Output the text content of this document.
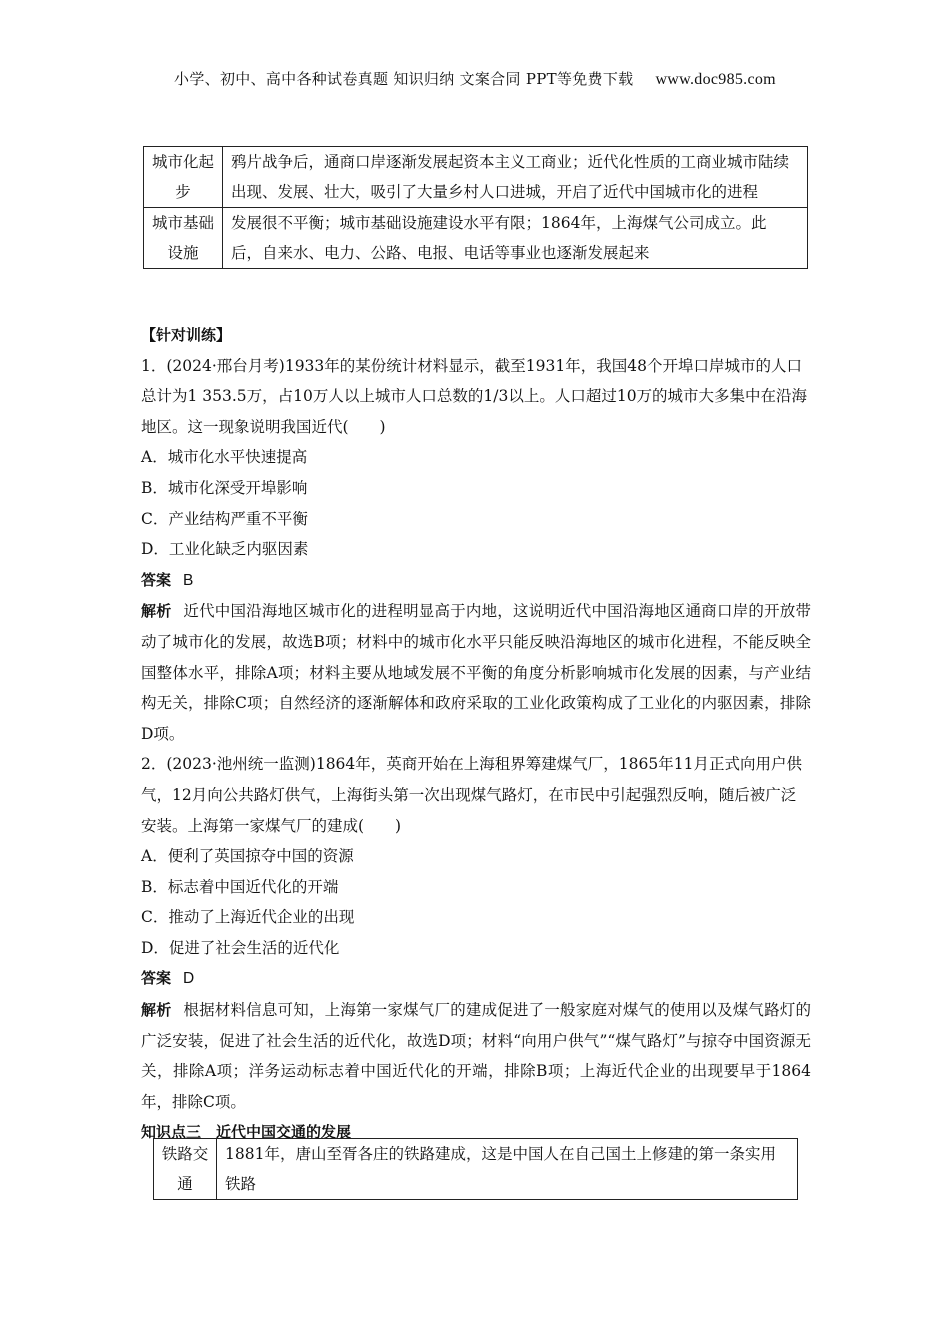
小学、初中、高中各种试卷真题 知识归纳 文案合同 PPT等免费下载 www.doc985.com
城市化起步	鸦片战争后，通商口岸逐渐发展起资本主义工商业；近代化性质的工商业城市陆续出现、发展、壮大，吸引了大量乡村人口进城，开启了近代中国城市化的进程
城市基础设施	发展很不平衡；城市基础设施建设水平有限；1864年，上海煤气公司成立。此后，自来水、电力、公路、电报、电话等事业也逐渐发展起来

【针对训练】

1．(2024·邢台月考)1933年的某份统计材料显示，截至1931年，我国48个开埠口岸城市的人口总计为1 353.5万，占10万人以上城市人口总数的1/3以上。人口超过10万的城市大多集中在沿海地区。这一现象说明我国近代(　　)

A．城市化水平快速提高

B．城市化深受开埠影响

C．产业结构严重不平衡

D．工业化缺乏内驱因素

答案 B

解析 近代中国沿海地区城市化的进程明显高于内地，这说明近代中国沿海地区通商口岸的开放带动了城市化的发展，故选B项；材料中的城市化水平只能反映沿海地区的城市化进程，不能反映全国整体水平，排除A项；材料主要从地域发展不平衡的角度分析影响城市化发展的因素，与产业结构无关，排除C项；自然经济的逐渐解体和政府采取的工业化政策构成了工业化的内驱因素，排除D项。

2．(2023·池州统一监测)1864年，英商开始在上海租界筹建煤气厂，1865年11月正式向用户供气，12月向公共路灯供气，上海街头第一次出现煤气路灯，在市民中引起强烈反响，随后被广泛安装。上海第一家煤气厂的建成(　　)

A．便利了英国掠夺中国的资源

B．标志着中国近代化的开端

C．推动了上海近代企业的出现

D．促进了社会生活的近代化

答案 D

解析 根据材料信息可知，上海第一家煤气厂的建成促进了一般家庭对煤气的使用以及煤气路灯的广泛安装，促进了社会生活的近代化，故选D项；材料“向用户供气”“煤气路灯”与掠夺中国资源无关，排除A项；洋务运动标志着中国近代化的开端，排除B项；上海近代企业的出现要早于1864年，排除C项。

知识点三　近代中国交通的发展

铁路交通	1881年，唐山至胥各庄的铁路建成，这是中国人在自己国土上修建的第一条实用铁路
